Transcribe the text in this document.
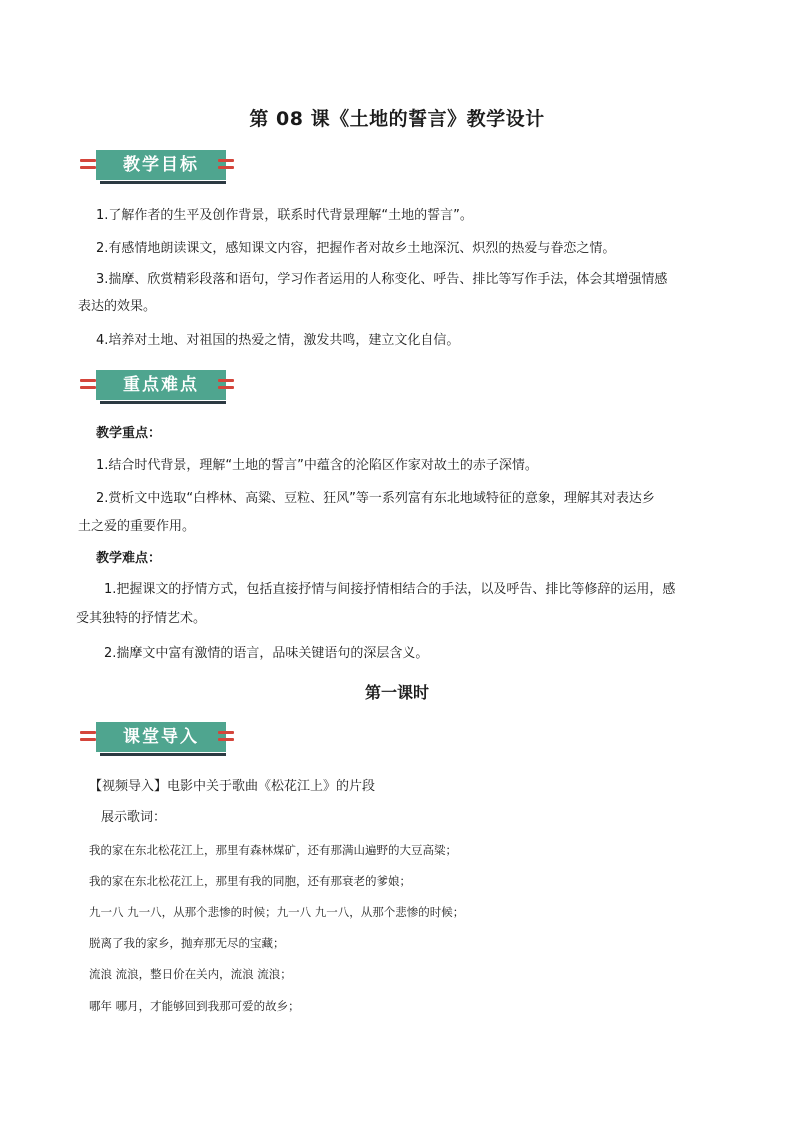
第 08 课《土地的誓言》教学设计
教学目标
1.了解作者的生平及创作背景，联系时代背景理解“土地的誓言”。
2.有感情地朗读课文，感知课文内容，把握作者对故乡土地深沉、炽烈的热爱与眷恋之情。
3.揣摩、欣赏精彩段落和语句，学习作者运用的人称变化、呼告、排比等写作手法，体会其增强情感
表达的效果。
4.培养对土地、对祖国的热爱之情，激发共鸣，建立文化自信。
重点难点
教学重点：
1.结合时代背景，理解“土地的誓言”中蕴含的沦陷区作家对故土的赤子深情。
2.赏析文中选取“白桦林、高粱、豆粒、狂风”等一系列富有东北地域特征的意象，理解其对表达乡
土之爱的重要作用。
教学难点：
1.把握课文的抒情方式，包括直接抒情与间接抒情相结合的手法，以及呼告、排比等修辞的运用，感
受其独特的抒情艺术。
2.揣摩文中富有激情的语言，品味关键语句的深层含义。
第一课时
课堂导入
【视频导入】电影中关于歌曲《松花江上》的片段
展示歌词：
我的家在东北松花江上，那里有森林煤矿，还有那满山遍野的大豆高粱；
我的家在东北松花江上，那里有我的同胞，还有那衰老的爹娘；
九一八 九一八，从那个悲惨的时候；九一八 九一八，从那个悲惨的时候；
脱离了我的家乡，抛弃那无尽的宝藏；
流浪 流浪，整日价在关内，流浪 流浪；
哪年 哪月，才能够回到我那可爱的故乡；
